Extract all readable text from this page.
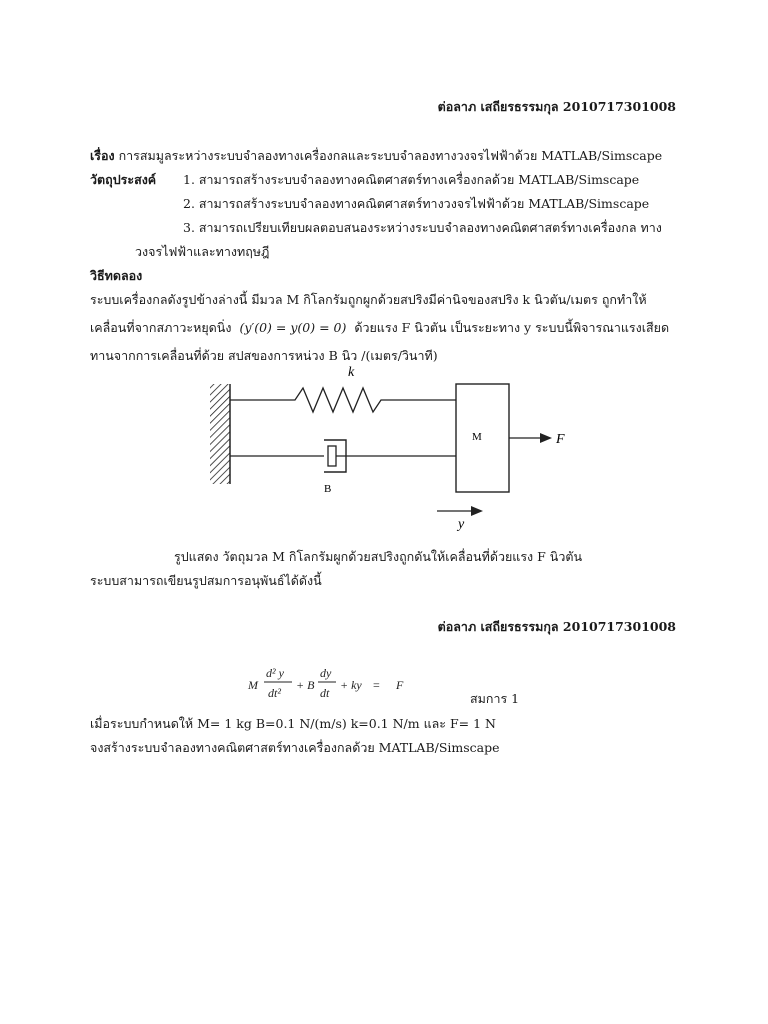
ต่อลาภ เสถียรธรรมกุล 2010717301008
เรื่อง การสมมูลระหว่างระบบจำลองทางเครื่องกลและระบบจำลองทางวงจรไฟฟ้าด้วย MATLAB/Simscape
วัตถุประสงค์ 1. สามารถสร้างระบบจำลองทางคณิตศาสตร์ทางเครื่องกลด้วย MATLAB/Simscape
2. สามารถสร้างระบบจำลองทางคณิตศาสตร์ทางวงจรไฟฟ้าด้วย MATLAB/Simscape
3. สามารถเปรียบเทียบผลตอบสนองระหว่างระบบจำลองทางคณิตศาสตร์ทางเครื่องกล ทาง
วงจรไฟฟ้าและทางทฤษฎี
วิธีทดลอง
ระบบเครื่องกลดังรูปข้างล่างนี้ มีมวล M กิโลกรัมถูกผูกด้วยสปริงมีค่านิจของสปริง k นิวตัน/เมตร ถูกทำให้
เคลื่อนที่จากสภาวะหยุดนิ่ง (y′(0) = y(0) = 0) ด้วยแรง F นิวตัน เป็นระยะทาง y ระบบนี้พิจารณาแรงเสียด
ทานจากการเคลื่อนที่ด้วย สปสของการหน่วง B นิว /(เมตร/วินาที)
k
B
M	F
y
รูปแสดง วัตถุมวล M กิโลกรัมผูกด้วยสปริงถูกดันให้เคลื่อนที่ด้วยแรง F นิวตัน
ระบบสามารถเขียนรูปสมการอนุพันธ์ได้ดังนี้
ต่อลาภ เสถียรธรรมกุล 2010717301008
M
d² y
dt²
+ B
dy
dt
+ ky = F
สมการ 1
เมื่อระบบกำหนดให้ M= 1 kg B=0.1 N/(m/s) k=0.1 N/m และ F= 1 N
จงสร้างระบบจำลองทางคณิตศาสตร์ทางเครื่องกลด้วย MATLAB/Simscape
